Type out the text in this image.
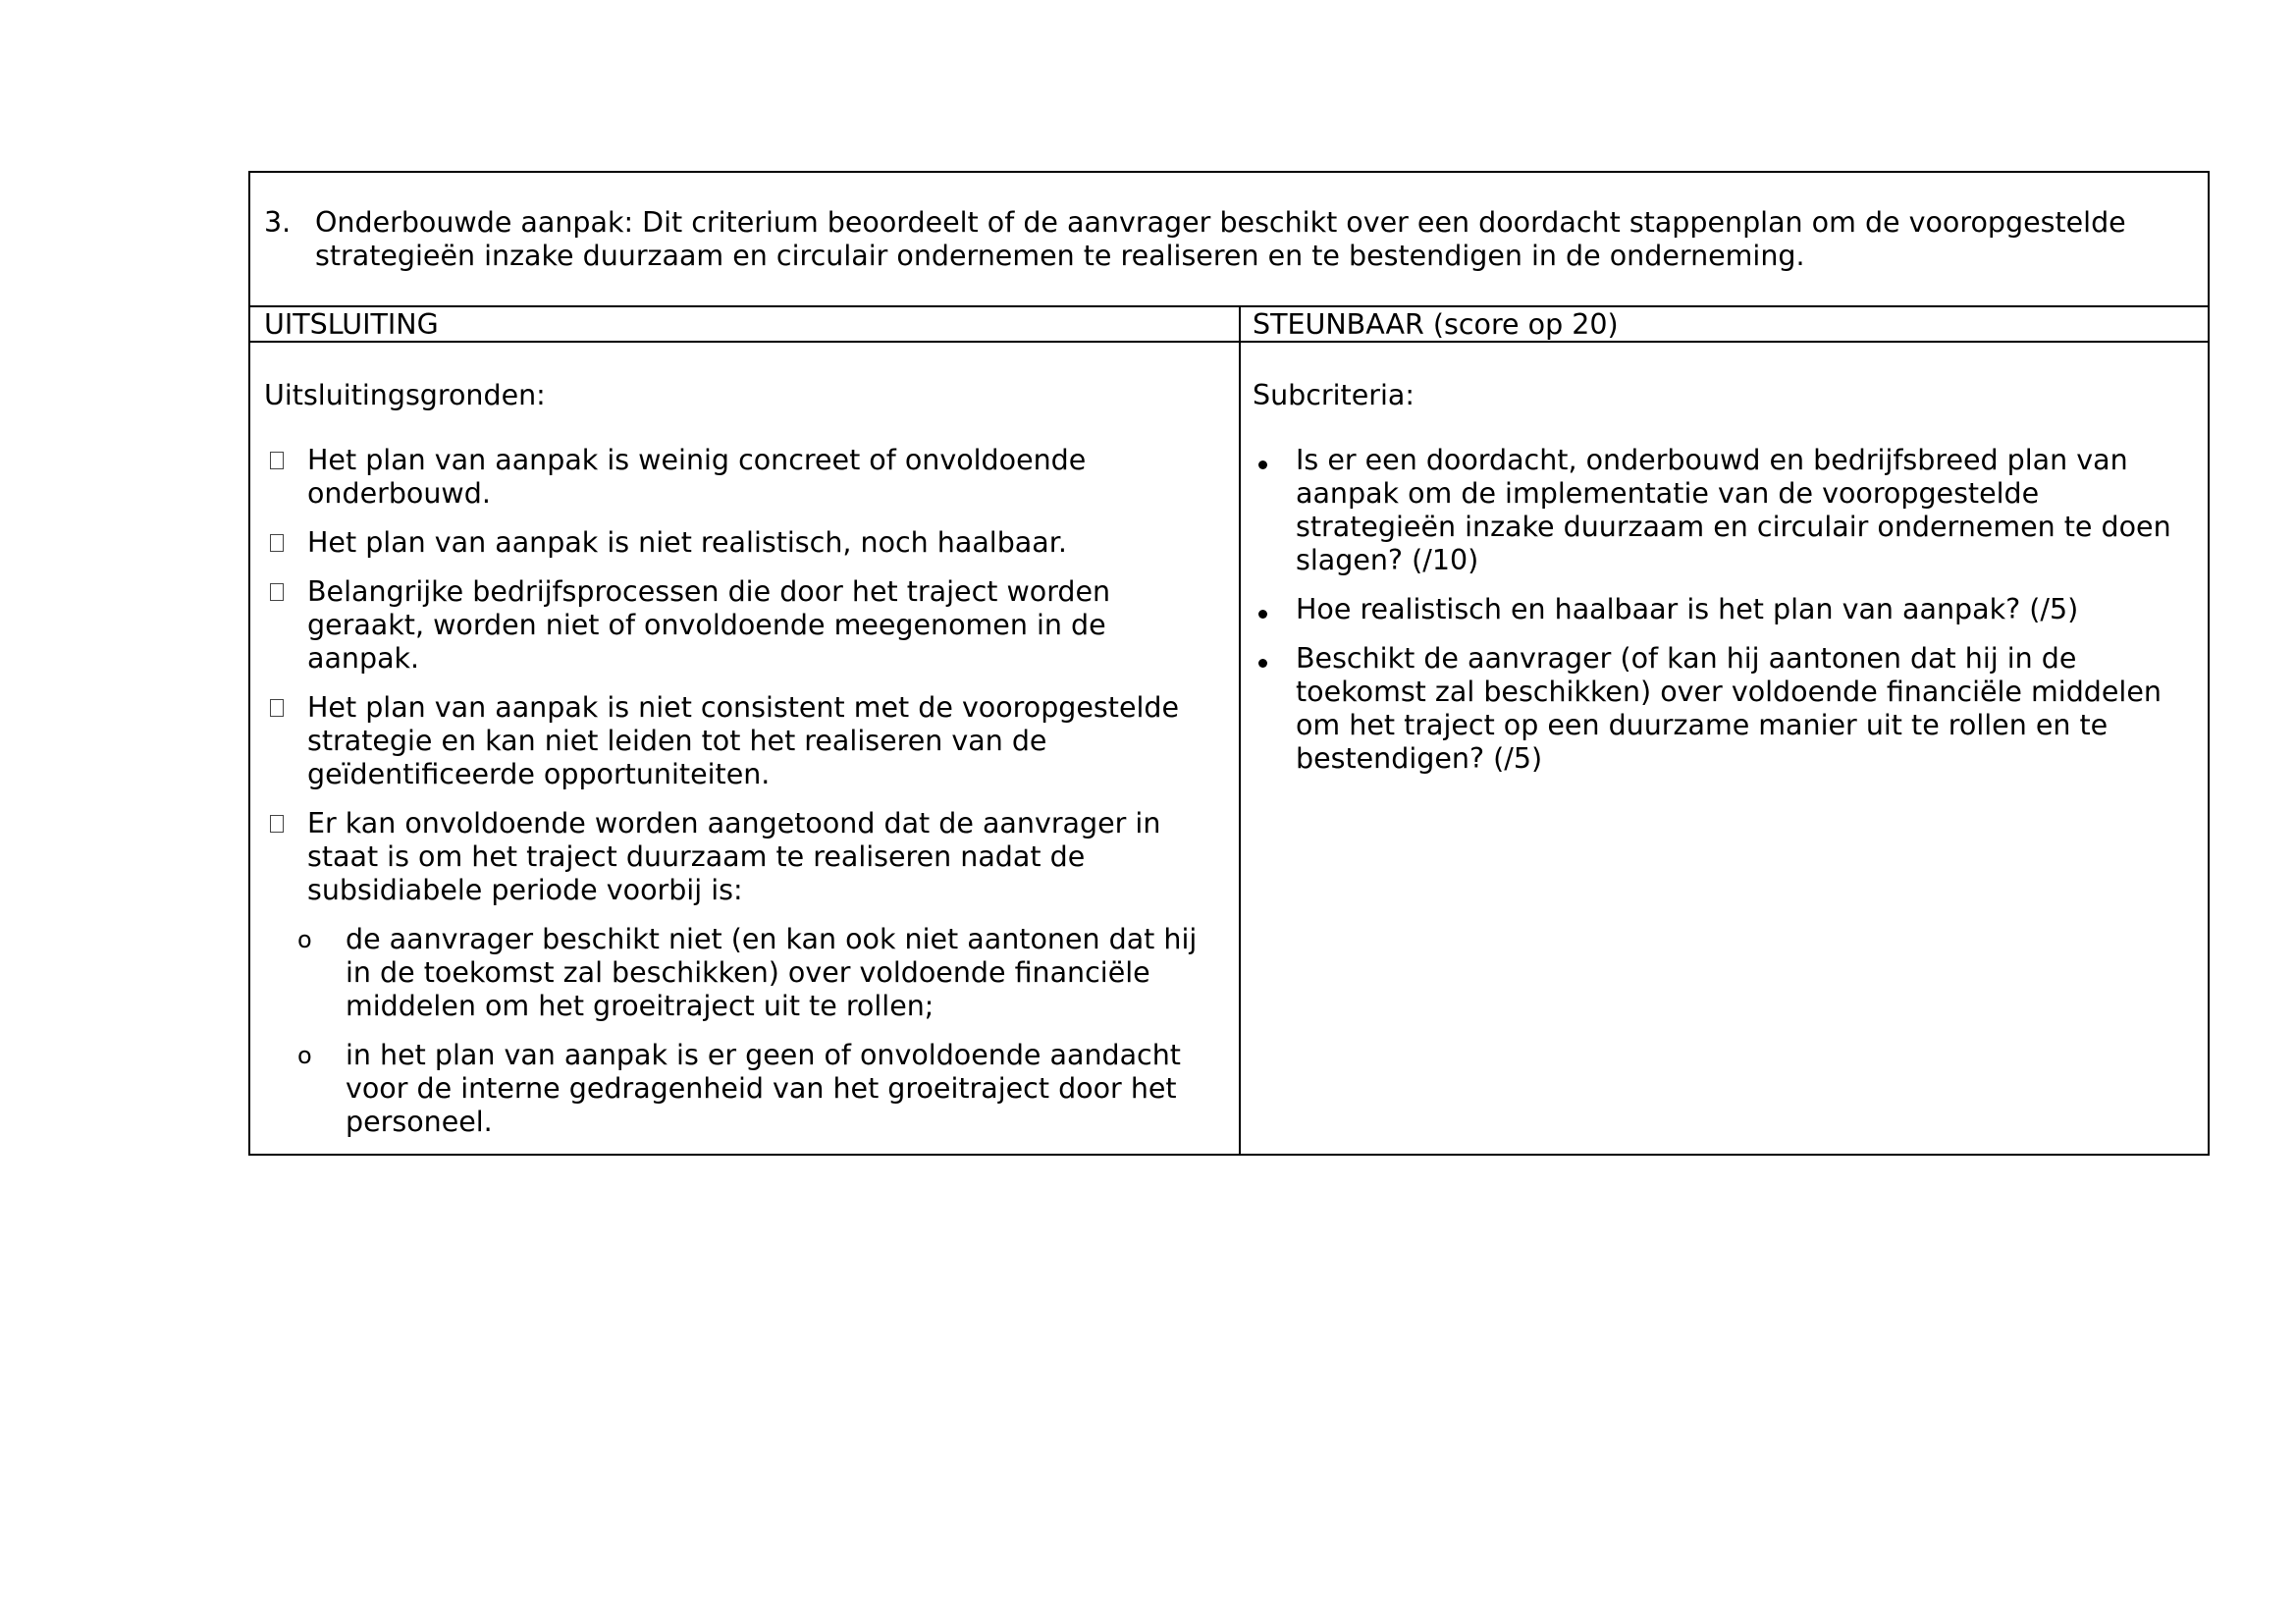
3. Onderbouwde aanpak: Dit criterium beoordeelt of de aanvrager beschikt over een doordacht stappenplan om de vooropgestelde strategieën inzake duurzaam en circulair ondernemen te realiseren en te bestendigen in de onderneming.
UITSLUITING	STEUNBAAR (score op 20)
Uitsluitingsgronden:	Subcriteria:
Het plan van aanpak is weinig concreet of onvoldoende onderbouwd.
Het plan van aanpak is niet realistisch, noch haalbaar.
Belangrijke bedrijfsprocessen die door het traject worden geraakt, worden niet of onvoldoende meegenomen in de aanpak.
Het plan van aanpak is niet consistent met de vooropgestelde strategie en kan niet leiden tot het realiseren van de geïdentificeerde opportuniteiten.
Er kan onvoldoende worden aangetoond dat de aanvrager in staat is om het traject duurzaam te realiseren nadat de subsidiabele periode voorbij is:
o de aanvrager beschikt niet (en kan ook niet aantonen dat hij in de toekomst zal beschikken) over voldoende financiële middelen om het groeitraject uit te rollen;
o in het plan van aanpak is er geen of onvoldoende aandacht voor de interne gedragenheid van het groeitraject door het personeel.
Is er een doordacht, onderbouwd en bedrijfsbreed plan van aanpak om de implementatie van de vooropgestelde strategieën inzake duurzaam en circulair ondernemen te doen slagen? (/10)
Hoe realistisch en haalbaar is het plan van aanpak? (/5)
Beschikt de aanvrager (of kan hij aantonen dat hij in de toekomst zal beschikken) over voldoende financiële middelen om het traject op een duurzame manier uit te rollen en te bestendigen? (/5)
